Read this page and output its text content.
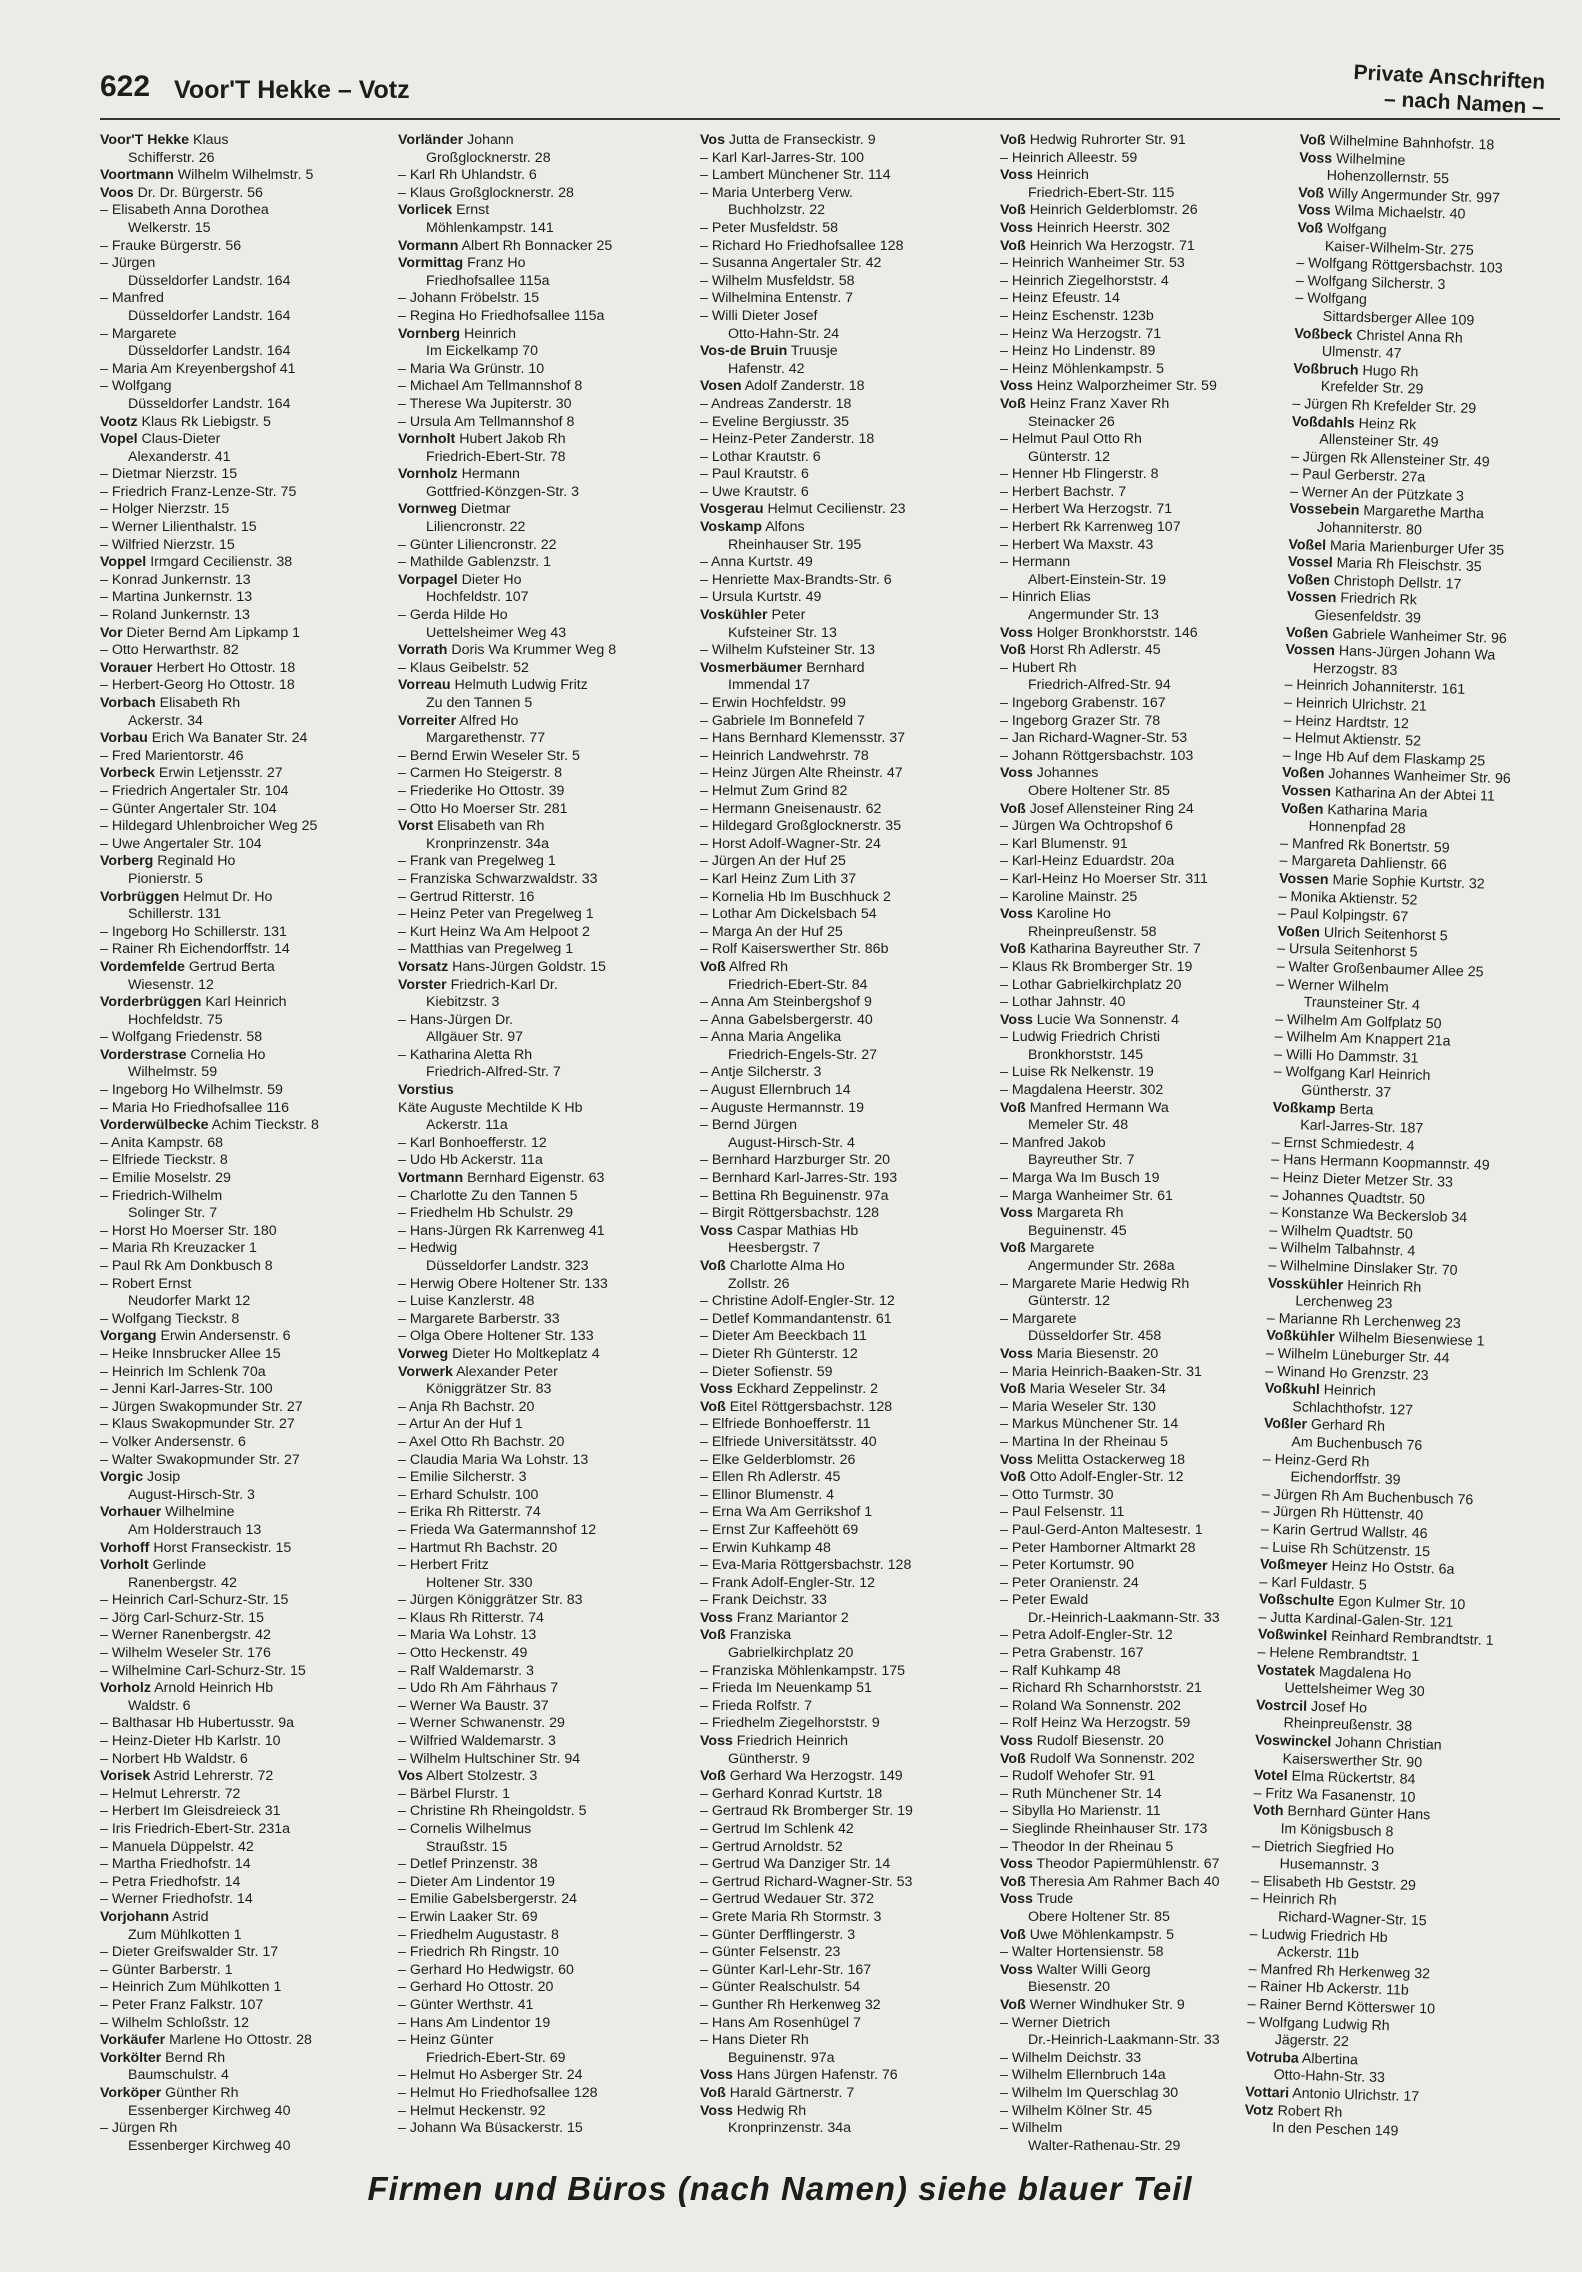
622 Voor'T Hekke – Votz	Private Anschriften
– nach Namen –
Voor'T Hekke Klaus
Schifferstr. 26
Voortmann Wilhelm Wilhelmstr. 5
Voos Dr. Dr. Bürgerstr. 56
– Elisabeth Anna Dorothea
Welkerstr. 15
– Frauke Bürgerstr. 56
– Jürgen
Düsseldorfer Landstr. 164
– Manfred
Düsseldorfer Landstr. 164
– Margarete
Düsseldorfer Landstr. 164
– Maria Am Kreyenbergshof 41
– Wolfgang
Düsseldorfer Landstr. 164
Vootz Klaus Rk Liebigstr. 5
Vopel Claus-Dieter
Alexanderstr. 41
– Dietmar Nierzstr. 15
– Friedrich Franz-Lenze-Str. 75
– Holger Nierzstr. 15
– Werner Lilienthalstr. 15
– Wilfried Nierzstr. 15
Voppel Irmgard Cecilienstr. 38
– Konrad Junkernstr. 13
– Martina Junkernstr. 13
– Roland Junkernstr. 13
Vor Dieter Bernd Am Lipkamp 1
– Otto Herwarthstr. 82
Vorauer Herbert Ho Ottostr. 18
– Herbert-Georg Ho Ottostr. 18
Vorbach Elisabeth Rh
Ackerstr. 34
Vorbau Erich Wa Banater Str. 24
– Fred Marientorstr. 46
Vorbeck Erwin Letjensstr. 27
– Friedrich Angertaler Str. 104
– Günter Angertaler Str. 104
– Hildegard Uhlenbroicher Weg 25
– Uwe Angertaler Str. 104
Vorberg Reginald Ho
Pionierstr. 5
Vorbrüggen Helmut Dr. Ho
Schillerstr. 131
– Ingeborg Ho Schillerstr. 131
– Rainer Rh Eichendorffstr. 14
Vordemfelde Gertrud Berta
Wiesenstr. 12
Vorderbrüggen Karl Heinrich
Hochfeldstr. 75
– Wolfgang Friedenstr. 58
Vorderstrase Cornelia Ho
Wilhelmstr. 59
– Ingeborg Ho Wilhelmstr. 59
– Maria Ho Friedhofsallee 116
Vorderwülbecke Achim Tieckstr. 8
– Anita Kampstr. 68
– Elfriede Tieckstr. 8
– Emilie Moselstr. 29
– Friedrich-Wilhelm
Solinger Str. 7
– Horst Ho Moerser Str. 180
– Maria Rh Kreuzacker 1
– Paul Rk Am Donkbusch 8
– Robert Ernst
Neudorfer Markt 12
– Wolfgang Tieckstr. 8
Vorgang Erwin Andersenstr. 6
– Heike Innsbrucker Allee 15
– Heinrich Im Schlenk 70a
– Jenni Karl-Jarres-Str. 100
– Jürgen Swakopmunder Str. 27
– Klaus Swakopmunder Str. 27
– Volker Andersenstr. 6
– Walter Swakopmunder Str. 27
Vorgic Josip
August-Hirsch-Str. 3
Vorhauer Wilhelmine
Am Holderstrauch 13
Vorhoff Horst Franseckistr. 15
Vorholt Gerlinde
Ranenbergstr. 42
– Heinrich Carl-Schurz-Str. 15
– Jörg Carl-Schurz-Str. 15
– Werner Ranenbergstr. 42
– Wilhelm Weseler Str. 176
– Wilhelmine Carl-Schurz-Str. 15
Vorholz Arnold Heinrich Hb
Waldstr. 6
– Balthasar Hb Hubertusstr. 9a
– Heinz-Dieter Hb Karlstr. 10
– Norbert Hb Waldstr. 6
Vorisek Astrid Lehrerstr. 72
– Helmut Lehrerstr. 72
– Herbert Im Gleisdreieck 31
– Iris Friedrich-Ebert-Str. 231a
– Manuela Düppelstr. 42
– Martha Friedhofstr. 14
– Petra Friedhofstr. 14
– Werner Friedhofstr. 14
Vorjohann Astrid
Zum Mühlkotten 1
– Dieter Greifswalder Str. 17
– Günter Barberstr. 1
– Heinrich Zum Mühlkotten 1
– Peter Franz Falkstr. 107
– Wilhelm Schloßstr. 12
Vorkäufer Marlene Ho Ottostr. 28
Vorkölter Bernd Rh
Baumschulstr. 4
Vorköper Günther Rh
Essenberger Kirchweg 40
– Jürgen Rh
Essenberger Kirchweg 40
Vorländer Johann
Großglocknerstr. 28
– Karl Rh Uhlandstr. 6
– Klaus Großglocknerstr. 28
Vorlicek Ernst
Möhlenkampstr. 141
Vormann Albert Rh Bonnacker 25
Vormittag Franz Ho
Friedhofsallee 115a
– Johann Fröbelstr. 15
– Regina Ho Friedhofsallee 115a
Vornberg Heinrich
Im Eickelkamp 70
– Maria Wa Grünstr. 10
– Michael Am Tellmannshof 8
– Therese Wa Jupiterstr. 30
– Ursula Am Tellmannshof 8
Vornholt Hubert Jakob Rh
Friedrich-Ebert-Str. 78
Vornholz Hermann
Gottfried-Könzgen-Str. 3
Vornweg Dietmar
Liliencronstr. 22
– Günter Liliencronstr. 22
– Mathilde Gablenzstr. 1
Vorpagel Dieter Ho
Hochfeldstr. 107
– Gerda Hilde Ho
Uettelsheimer Weg 43
Vorrath Doris Wa Krummer Weg 8
– Klaus Geibelstr. 52
Vorreau Helmuth Ludwig Fritz
Zu den Tannen 5
Vorreiter Alfred Ho
Margarethenstr. 77
– Bernd Erwin Weseler Str. 5
– Carmen Ho Steigerstr. 8
– Friederike Ho Ottostr. 39
– Otto Ho Moerser Str. 281
Vorst Elisabeth van Rh
Kronprinzenstr. 34a
– Frank van Pregelweg 1
– Franziska Schwarzwaldstr. 33
– Gertrud Ritterstr. 16
– Heinz Peter van Pregelweg 1
– Kurt Heinz Wa Am Helpoot 2
– Matthias van Pregelweg 1
Vorsatz Hans-Jürgen Goldstr. 15
Vorster Friedrich-Karl Dr.
Kiebitzstr. 3
– Hans-Jürgen Dr.
Allgäuer Str. 97
– Katharina Aletta Rh
Friedrich-Alfred-Str. 7
Vorstius
Käte Auguste Mechtilde K Hb
Ackerstr. 11a
– Karl Bonhoefferstr. 12
– Udo Hb Ackerstr. 11a
Vortmann Bernhard Eigenstr. 63
– Charlotte Zu den Tannen 5
– Friedhelm Hb Schulstr. 29
– Hans-Jürgen Rk Karrenweg 41
– Hedwig
Düsseldorfer Landstr. 323
– Herwig Obere Holtener Str. 133
– Luise Kanzlerstr. 48
– Margarete Barberstr. 33
– Olga Obere Holtener Str. 133
Vorweg Dieter Ho Moltkeplatz 4
Vorwerk Alexander Peter
Königgrätzer Str. 83
– Anja Rh Bachstr. 20
– Artur An der Huf 1
– Axel Otto Rh Bachstr. 20
– Claudia Maria Wa Lohstr. 13
– Emilie Silcherstr. 3
– Erhard Schulstr. 100
– Erika Rh Ritterstr. 74
– Frieda Wa Gatermannshof 12
– Hartmut Rh Bachstr. 20
– Herbert Fritz
Holtener Str. 330
– Jürgen Königgrätzer Str. 83
– Klaus Rh Ritterstr. 74
– Maria Wa Lohstr. 13
– Otto Heckenstr. 49
– Ralf Waldemarstr. 3
– Udo Rh Am Fährhaus 7
– Werner Wa Baustr. 37
– Werner Schwanenstr. 29
– Wilfried Waldemarstr. 3
– Wilhelm Hultschiner Str. 94
Vos Albert Stolzestr. 3
– Bärbel Flurstr. 1
– Christine Rh Rheingoldstr. 5
– Cornelis Wilhelmus
Straußstr. 15
– Detlef Prinzenstr. 38
– Dieter Am Lindentor 19
– Emilie Gabelsbergerstr. 24
– Erwin Laaker Str. 69
– Friedhelm Augustastr. 8
– Friedrich Rh Ringstr. 10
– Gerhard Ho Hedwigstr. 60
– Gerhard Ho Ottostr. 20
– Günter Werthstr. 41
– Hans Am Lindentor 19
– Heinz Günter
Friedrich-Ebert-Str. 69
– Helmut Ho Asberger Str. 24
– Helmut Ho Friedhofsallee 128
– Helmut Heckenstr. 92
– Johann Wa Büsackerstr. 15
Vos Jutta de Franseckistr. 9
– Karl Karl-Jarres-Str. 100
– Lambert Münchener Str. 114
– Maria Unterberg Verw.
Buchholzstr. 22
– Peter Musfeldstr. 58
– Richard Ho Friedhofsallee 128
– Susanna Angertaler Str. 42
– Wilhelm Musfeldstr. 58
– Wilhelmina Entenstr. 7
– Willi Dieter Josef
Otto-Hahn-Str. 24
Vos-de Bruin Truusje
Hafenstr. 42
Vosen Adolf Zanderstr. 18
– Andreas Zanderstr. 18
– Eveline Bergiusstr. 35
– Heinz-Peter Zanderstr. 18
– Lothar Krautstr. 6
– Paul Krautstr. 6
– Uwe Krautstr. 6
Vosgerau Helmut Cecilienstr. 23
Voskamp Alfons
Rheinhauser Str. 195
– Anna Kurtstr. 49
– Henriette Max-Brandts-Str. 6
– Ursula Kurtstr. 49
Voskühler Peter
Kufsteiner Str. 13
– Wilhelm Kufsteiner Str. 13
Vosmerbäumer Bernhard
Immendal 17
– Erwin Hochfeldstr. 99
– Gabriele Im Bonnefeld 7
– Hans Bernhard Klemensstr. 37
– Heinrich Landwehrstr. 78
– Heinz Jürgen Alte Rheinstr. 47
– Helmut Zum Grind 82
– Hermann Gneisenaustr. 62
– Hildegard Großglocknerstr. 35
– Horst Adolf-Wagner-Str. 24
– Jürgen An der Huf 25
– Karl Heinz Zum Lith 37
– Kornelia Hb Im Buschhuck 2
– Lothar Am Dickelsbach 54
– Marga An der Huf 25
– Rolf Kaiserswerther Str. 86b
Voß Alfred Rh
Friedrich-Ebert-Str. 84
– Anna Am Steinbergshof 9
– Anna Gabelsbergerstr. 40
– Anna Maria Angelika
Friedrich-Engels-Str. 27
– Antje Silcherstr. 3
– August Ellernbruch 14
– Auguste Hermannstr. 19
– Bernd Jürgen
August-Hirsch-Str. 4
– Bernhard Harzburger Str. 20
– Bernhard Karl-Jarres-Str. 193
– Bettina Rh Beguinenstr. 97a
– Birgit Röttgersbachstr. 128
Voss Caspar Mathias Hb
Heesbergstr. 7
Voß Charlotte Alma Ho
Zollstr. 26
– Christine Adolf-Engler-Str. 12
– Detlef Kommandantenstr. 61
– Dieter Am Beeckbach 11
– Dieter Rh Günterstr. 12
– Dieter Sofienstr. 59
Voss Eckhard Zeppelinstr. 2
Voß Eitel Röttgersbachstr. 128
– Elfriede Bonhoefferstr. 11
– Elfriede Universitätsstr. 40
– Elke Gelderblomstr. 26
– Ellen Rh Adlerstr. 45
– Ellinor Blumenstr. 4
– Erna Wa Am Gerrikshof 1
– Ernst Zur Kaffeehött 69
– Erwin Kuhkamp 48
– Eva-Maria Röttgersbachstr. 128
– Frank Adolf-Engler-Str. 12
– Frank Deichstr. 33
Voss Franz Mariantor 2
Voß Franziska
Gabrielkirchplatz 20
– Franziska Möhlenkampstr. 175
– Frieda Im Neuenkamp 51
– Frieda Rolfstr. 7
– Friedhelm Ziegelhorststr. 9
Voss Friedrich Heinrich
Güntherstr. 9
Voß Gerhard Wa Herzogstr. 149
– Gerhard Konrad Kurtstr. 18
– Gertraud Rk Bromberger Str. 19
– Gertrud Im Schlenk 42
– Gertrud Arnoldstr. 52
– Gertrud Wa Danziger Str. 14
– Gertrud Richard-Wagner-Str. 53
– Gertrud Wedauer Str. 372
– Grete Maria Rh Stormstr. 3
– Günter Derfflingerstr. 3
– Günter Felsenstr. 23
– Günter Karl-Lehr-Str. 167
– Günter Realschulstr. 54
– Gunther Rh Herkenweg 32
– Hans Am Rosenhügel 7
– Hans Dieter Rh
Beguinenstr. 97a
Voss Hans Jürgen Hafenstr. 76
Voß Harald Gärtnerstr. 7
Voss Hedwig Rh
Kronprinzenstr. 34a
Voß Hedwig Ruhrorter Str. 91
– Heinrich Alleestr. 59
Voss Heinrich
Friedrich-Ebert-Str. 115
Voß Heinrich Gelderblomstr. 26
Voss Heinrich Heerstr. 302
Voß Heinrich Wa Herzogstr. 71
– Heinrich Wanheimer Str. 53
– Heinrich Ziegelhorststr. 4
– Heinz Efeustr. 14
– Heinz Eschenstr. 123b
– Heinz Wa Herzogstr. 71
– Heinz Ho Lindenstr. 89
– Heinz Möhlenkampstr. 5
Voss Heinz Walporzheimer Str. 59
Voß Heinz Franz Xaver Rh
Steinacker 26
– Helmut Paul Otto Rh
Günterstr. 12
– Henner Hb Flingerstr. 8
– Herbert Bachstr. 7
– Herbert Wa Herzogstr. 71
– Herbert Rk Karrenweg 107
– Herbert Wa Maxstr. 43
– Hermann
Albert-Einstein-Str. 19
– Hinrich Elias
Angermunder Str. 13
Voss Holger Bronkhorststr. 146
Voß Horst Rh Adlerstr. 45
– Hubert Rh
Friedrich-Alfred-Str. 94
– Ingeborg Grabenstr. 167
– Ingeborg Grazer Str. 78
– Jan Richard-Wagner-Str. 53
– Johann Röttgersbachstr. 103
Voss Johannes
Obere Holtener Str. 85
Voß Josef Allensteiner Ring 24
– Jürgen Wa Ochtropshof 6
– Karl Blumenstr. 91
– Karl-Heinz Eduardstr. 20a
– Karl-Heinz Ho Moerser Str. 311
– Karoline Mainstr. 25
Voss Karoline Ho
Rheinpreußenstr. 58
Voß Katharina Bayreuther Str. 7
– Klaus Rk Bromberger Str. 19
– Lothar Gabrielkirchplatz 20
– Lothar Jahnstr. 40
Voss Lucie Wa Sonnenstr. 4
– Ludwig Friedrich Christi
Bronkhorststr. 145
– Luise Rk Nelkenstr. 19
– Magdalena Heerstr. 302
Voß Manfred Hermann Wa
Memeler Str. 48
– Manfred Jakob
Bayreuther Str. 7
– Marga Wa Im Busch 19
– Marga Wanheimer Str. 61
Voss Margareta Rh
Beguinenstr. 45
Voß Margarete
Angermunder Str. 268a
– Margarete Marie Hedwig Rh
Günterstr. 12
– Margarete
Düsseldorfer Str. 458
Voss Maria Biesenstr. 20
– Maria Heinrich-Baaken-Str. 31
Voß Maria Weseler Str. 34
– Maria Weseler Str. 130
– Markus Münchener Str. 14
– Martina In der Rheinau 5
Voss Melitta Ostackerweg 18
Voß Otto Adolf-Engler-Str. 12
– Otto Turmstr. 30
– Paul Felsenstr. 11
– Paul-Gerd-Anton Maltesestr. 1
– Peter Hamborner Altmarkt 28
– Peter Kortumstr. 90
– Peter Oranienstr. 24
– Peter Ewald
Dr.-Heinrich-Laakmann-Str. 33
– Petra Adolf-Engler-Str. 12
– Petra Grabenstr. 167
– Ralf Kuhkamp 48
– Richard Rh Scharnhorststr. 21
– Roland Wa Sonnenstr. 202
– Rolf Heinz Wa Herzogstr. 59
Voss Rudolf Biesenstr. 20
Voß Rudolf Wa Sonnenstr. 202
– Rudolf Wehofer Str. 91
– Ruth Münchener Str. 14
– Sibylla Ho Marienstr. 11
– Sieglinde Rheinhauser Str. 173
– Theodor In der Rheinau 5
Voss Theodor Papiermühlenstr. 67
Voß Theresia Am Rahmer Bach 40
Voss Trude
Obere Holtener Str. 85
Voß Uwe Möhlenkampstr. 5
– Walter Hortensienstr. 58
Voss Walter Willi Georg
Biesenstr. 20
Voß Werner Windhuker Str. 9
– Werner Dietrich
Dr.-Heinrich-Laakmann-Str. 33
– Wilhelm Deichstr. 33
– Wilhelm Ellernbruch 14a
– Wilhelm Im Querschlag 30
– Wilhelm Kölner Str. 45
– Wilhelm
Walter-Rathenau-Str. 29
Voß Wilhelmine Bahnhofstr. 18
Voss Wilhelmine
Hohenzollernstr. 55
Voß Willy Angermunder Str. 997
Voss Wilma Michaelstr. 40
Voß Wolfgang
Kaiser-Wilhelm-Str. 275
– Wolfgang Röttgersbachstr. 103
– Wolfgang Silcherstr. 3
– Wolfgang
Sittardsberger Allee 109
Voßbeck Christel Anna Rh
Ulmenstr. 47
Voßbruch Hugo Rh
Krefelder Str. 29
– Jürgen Rh Krefelder Str. 29
Voßdahls Heinz Rk
Allensteiner Str. 49
– Jürgen Rk Allensteiner Str. 49
– Paul Gerberstr. 27a
– Werner An der Pützkate 3
Vossebein Margarethe Martha
Johanniterstr. 80
Voßel Maria Marienburger Ufer 35
Vossel Maria Rh Fleischstr. 35
Voßen Christoph Dellstr. 17
Vossen Friedrich Rk
Giesenfeldstr. 39
Voßen Gabriele Wanheimer Str. 96
Vossen Hans-Jürgen Johann Wa
Herzogstr. 83
– Heinrich Johanniterstr. 161
– Heinrich Ulrichstr. 21
– Heinz Hardtstr. 12
– Helmut Aktienstr. 52
– Inge Hb Auf dem Flaskamp 25
Voßen Johannes Wanheimer Str. 96
Vossen Katharina An der Abtei 11
Voßen Katharina Maria
Honnenpfad 28
– Manfred Rk Bonertstr. 59
– Margareta Dahlienstr. 66
Vossen Marie Sophie Kurtstr. 32
– Monika Aktienstr. 52
– Paul Kolpingstr. 67
Voßen Ulrich Seitenhorst 5
– Ursula Seitenhorst 5
– Walter Großenbaumer Allee 25
– Werner Wilhelm
Traunsteiner Str. 4
– Wilhelm Am Golfplatz 50
– Wilhelm Am Knappert 21a
– Willi Ho Dammstr. 31
– Wolfgang Karl Heinrich
Güntherstr. 37
Voßkamp Berta
Karl-Jarres-Str. 187
– Ernst Schmiedestr. 4
– Hans Hermann Koopmannstr. 49
– Heinz Dieter Metzer Str. 33
– Johannes Quadtstr. 50
– Konstanze Wa Beckerslob 34
– Wilhelm Quadtstr. 50
– Wilhelm Talbahnstr. 4
– Wilhelmine Dinslaker Str. 70
Vosskühler Heinrich Rh
Lerchenweg 23
– Marianne Rh Lerchenweg 23
Voßkühler Wilhelm Biesenwiese 1
– Wilhelm Lüneburger Str. 44
– Winand Ho Grenzstr. 23
Voßkuhl Heinrich
Schlachthofstr. 127
Voßler Gerhard Rh
Am Buchenbusch 76
– Heinz-Gerd Rh
Eichendorffstr. 39
– Jürgen Rh Am Buchenbusch 76
– Jürgen Rh Hüttenstr. 40
– Karin Gertrud Wallstr. 46
– Luise Rh Schützenstr. 15
Voßmeyer Heinz Ho Oststr. 6a
– Karl Fuldastr. 5
Voßschulte Egon Kulmer Str. 10
– Jutta Kardinal-Galen-Str. 121
Voßwinkel Reinhard Rembrandtstr. 1
– Helene Rembrandtstr. 1
Vostatek Magdalena Ho
Uettelsheimer Weg 30
Vostrcil Josef Ho
Rheinpreußenstr. 38
Voswinckel Johann Christian
Kaiserswerther Str. 90
Votel Elma Rückertstr. 84
– Fritz Wa Fasanenstr. 10
Voth Bernhard Günter Hans
Im Königsbusch 8
– Dietrich Siegfried Ho
Husemannstr. 3
– Elisabeth Hb Geststr. 29
– Heinrich Rh
Richard-Wagner-Str. 15
– Ludwig Friedrich Hb
Ackerstr. 11b
– Manfred Rh Herkenweg 32
– Rainer Hb Ackerstr. 11b
– Rainer Bernd Kötterswег 10
– Wolfgang Ludwig Rh
Jägerstr. 22
Votruba Albertina
Otto-Hahn-Str. 33
Vottari Antonio Ulrichstr. 17
Votz Robert Rh
In den Peschen 149
Firmen und Büros (nach Namen) siehe blauer Teil
